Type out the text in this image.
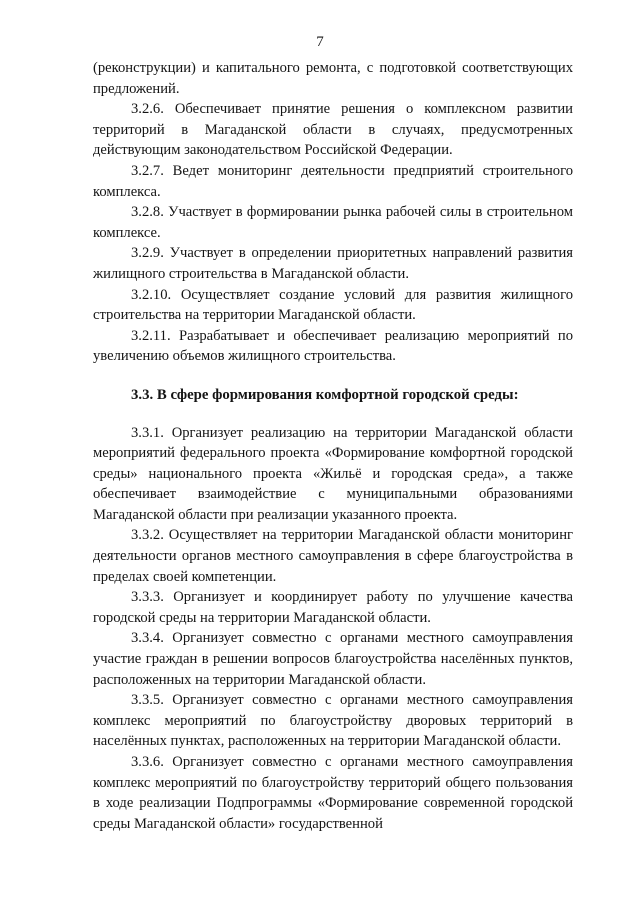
7

(реконструкции) и капитального ремонта, с подготовкой соответствующих предложений.

3.2.6. Обеспечивает принятие решения о комплексном развитии территорий в Магаданской области в случаях, предусмотренных действующим законодательством Российской Федерации.

3.2.7. Ведет мониторинг деятельности предприятий строительного комплекса.

3.2.8. Участвует в формировании рынка рабочей силы в строительном комплексе.

3.2.9. Участвует в определении приоритетных направлений развития жилищного строительства в Магаданской области.

3.2.10. Осуществляет создание условий для развития жилищного строительства на территории Магаданской области.

3.2.11. Разрабатывает и обеспечивает реализацию мероприятий по увеличению объемов жилищного строительства.

3.3. В сфере формирования комфортной городской среды:

3.3.1. Организует реализацию на территории Магаданской области мероприятий федерального проекта «Формирование комфортной городской среды» национального проекта «Жильё и городская среда», а также обеспечивает взаимодействие с муниципальными образованиями Магаданской области при реализации указанного проекта.

3.3.2. Осуществляет на территории Магаданской области мониторинг деятельности органов местного самоуправления в сфере благоустройства в пределах своей компетенции.

3.3.3. Организует и координирует работу по улучшение качества городской среды на территории Магаданской области.

3.3.4. Организует совместно с органами местного самоуправления участие граждан в решении вопросов благоустройства населённых пунктов, расположенных на территории Магаданской области.

3.3.5. Организует совместно с органами местного самоуправления комплекс мероприятий по благоустройству дворовых территорий в населённых пунктах, расположенных на территории Магаданской области.

3.3.6. Организует совместно с органами местного самоуправления комплекс мероприятий по благоустройству территорий общего пользования в ходе реализации Подпрограммы «Формирование современной городской среды Магаданской области» государственной
